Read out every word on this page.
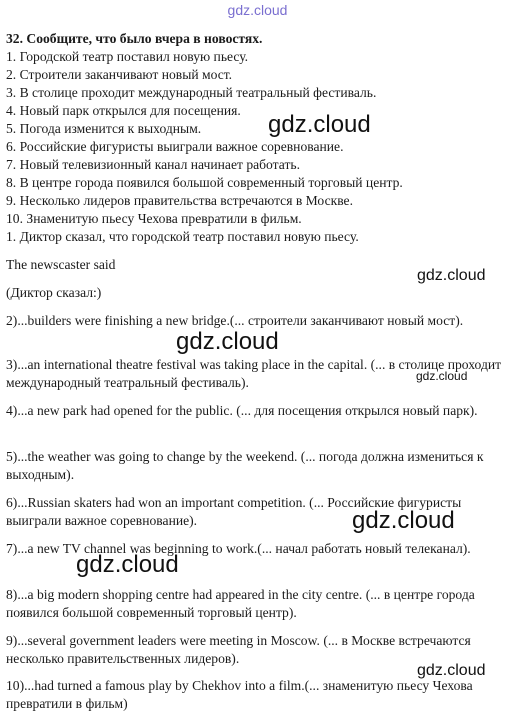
gdz.cloud
32. Сообщите, что было вчера в новостях.
1. Городской театр поставил новую пьесу.
2. Строители заканчивают новый мост.
3. В столице проходит международный театральный фестиваль.
4. Новый парк открылся для посещения.
5. Погода изменится к выходным.
6. Российские фигуристы выиграли важное соревнование.
7. Новый телевизионный канал начинает работать.
8. В центре города появился большой современный торговый центр.
9. Несколько лидеров правительства встречаются в Москве.
10. Знаменитую пьесу Чехова превратили в фильм.
1. Диктор сказал, что городской театр поставил новую пьесу.
The newscaster said
(Диктор сказал:)
2)...builders were finishing a new bridge.(... строители заканчивают новый мост).
3)...an international theatre festival was taking place in the capital. (... в столице проходит международный театральный фестиваль).
4)...a new park had opened for the public. (... для посещения открылся новый парк).
5)...the weather was going to change by the weekend. (... погода должна измениться к выходным).
6)...Russian skaters had won an important competition. (... Российские фигуристы выиграли важное соревнование).
7)...a new TV channel was beginning to work.(... начал работать новый телеканал).
8)...a big modern shopping centre had appeared in the city centre. (... в центре города появился большой современный торговый центр).
9)...several government leaders were meeting in Moscow. (... в Москве встречаются несколько правительственных лидеров).
10)...had turned a famous play by Chekhov into a film.(... знаменитую пьесу Чехова превратили в фильм)
gdz.cloud
gdz.cloud
gdz.cloud
gdz.cloud
gdz.cloud
gdz.cloud
gdz.cloud
